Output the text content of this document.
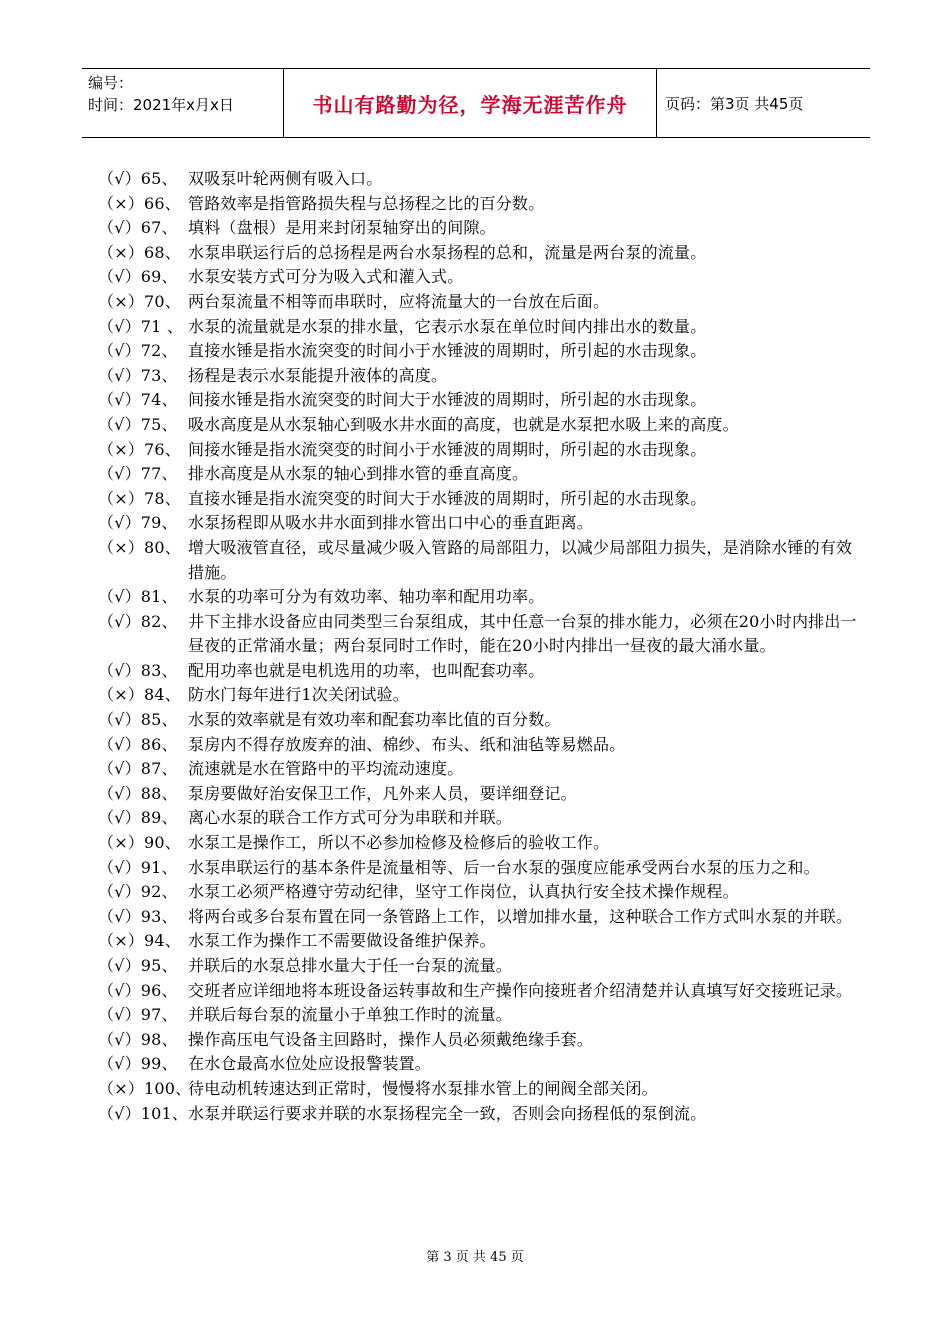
编号：
时间：2021年x月x日	书山有路勤为径，学海无涯苦作舟	页码：第3页 共45页
（√）65、 双吸泵叶轮两侧有吸入口。
（×）66、 管路效率是指管路损失程与总扬程之比的百分数。
（√）67、 填料（盘根）是用来封闭泵轴穿出的间隙。
（×）68、 水泵串联运行后的总扬程是两台水泵扬程的总和，流量是两台泵的流量。
（√）69、 水泵安装方式可分为吸入式和灌入式。
（×）70、 两台泵流量不相等而串联时，应将流量大的一台放在后面。
（√）71 、 水泵的流量就是水泵的排水量，它表示水泵在单位时间内排出水的数量。
（√）72、 直接水锤是指水流突变的时间小于水锤波的周期时，所引起的水击现象。
（√）73、 扬程是表示水泵能提升液体的高度。
（√）74、 间接水锤是指水流突变的时间大于水锤波的周期时，所引起的水击现象。
（√）75、 吸水高度是从水泵轴心到吸水井水面的高度，也就是水泵把水吸上来的高度。
（×）76、 间接水锤是指水流突变的时间小于水锤波的周期时，所引起的水击现象。
（√）77、 排水高度是从水泵的轴心到排水管的垂直高度。
（×）78、 直接水锤是指水流突变的时间大于水锤波的周期时，所引起的水击现象。
（√）79、 水泵扬程即从吸水井水面到排水管出口中心的垂直距离。
（×）80、 增大吸液管直径，或尽量减少吸入管路的局部阻力，以减少局部阻力损失，是消除水锤的有效措施。
（√）81、 水泵的功率可分为有效功率、轴功率和配用功率。
（√）82、 井下主排水设备应由同类型三台泵组成，其中任意一台泵的排水能力，必须在20小时内排出一昼夜的正常涌水量；两台泵同时工作时，能在20小时内排出一昼夜的最大涌水量。
（√）83、 配用功率也就是电机选用的功率，也叫配套功率。
（×）84、 防水门每年进行1次关闭试验。
（√）85、 水泵的效率就是有效功率和配套功率比值的百分数。
（√）86、 泵房内不得存放废弃的油、棉纱、布头、纸和油毡等易燃品。
（√）87、 流速就是水在管路中的平均流动速度。
（√）88、 泵房要做好治安保卫工作，凡外来人员，要详细登记。
（√）89、 离心水泵的联合工作方式可分为串联和并联。
（×）90、 水泵工是操作工，所以不必参加检修及检修后的验收工作。
（√）91、 水泵串联运行的基本条件是流量相等、后一台水泵的强度应能承受两台水泵的压力之和。
（√）92、 水泵工必须严格遵守劳动纪律，坚守工作岗位，认真执行安全技术操作规程。
（√）93、 将两台或多台泵布置在同一条管路上工作，以增加排水量，这种联合工作方式叫水泵的并联。
（×）94、 水泵工作为操作工不需要做设备维护保养。
（√）95、 并联后的水泵总排水量大于任一台泵的流量。
（√）96、 交班者应详细地将本班设备运转事故和生产操作向接班者介绍清楚并认真填写好交接班记录。
（√）97、 并联后每台泵的流量小于单独工作时的流量。
（√）98、 操作高压电气设备主回路时，操作人员必须戴绝缘手套。
（√）99、 在水仓最高水位处应设报警装置。
（×）100、
待电动机转速达到正常时，慢慢将水泵排水管上的闸阀全部关闭。
（√）101、 水泵并联运行要求并联的水泵扬程完全一致，否则会向扬程低的泵倒流。
第 3 页 共 45 页
